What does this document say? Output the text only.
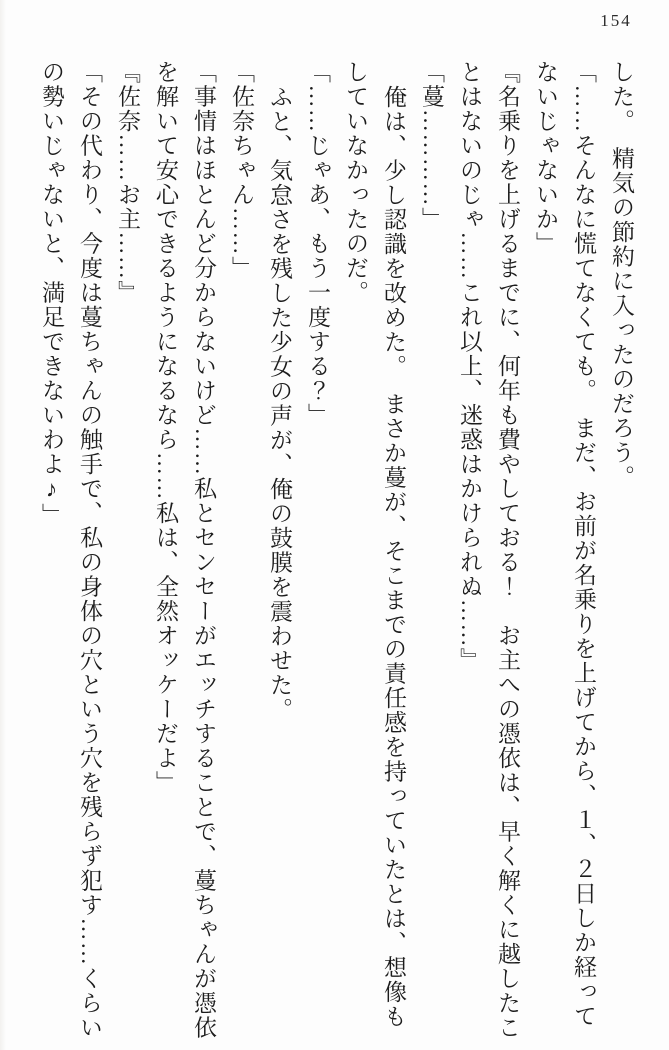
154

した。　精気の節約に入ったのだろう。

「……そんなに慌てなくても。　まだ、お前が名乗りを上げてから、１、２日しか経ってないじゃないか」

『名乗りを上げるまでに、何年も費やしておる！　お主への憑依は、早く解くに越したことはないのじゃ……これ以上、迷惑はかけられぬ……』

「蔓…………」

俺は、少し認識を改めた。　まさか蔓が、そこまでの責任感を持っていたとは、想像もしていなかったのだ。

「……じゃあ、もう一度する？」

ふと、気怠さを残した少女の声が、俺の鼓膜を震わせた。

「佐奈ちゃん……」

「事情はほとんど分からないけど……私とセンセーがエッチすることで、蔓ちゃんが憑依を解いて安心できるようになるなら……私は、全然オッケーだよ」

『佐奈……お主……』

「その代わり、今度は蔓ちゃんの触手で、私の身体の穴という穴を残らず犯す……くらいの勢いじゃないと、満足できないわよ♪」
